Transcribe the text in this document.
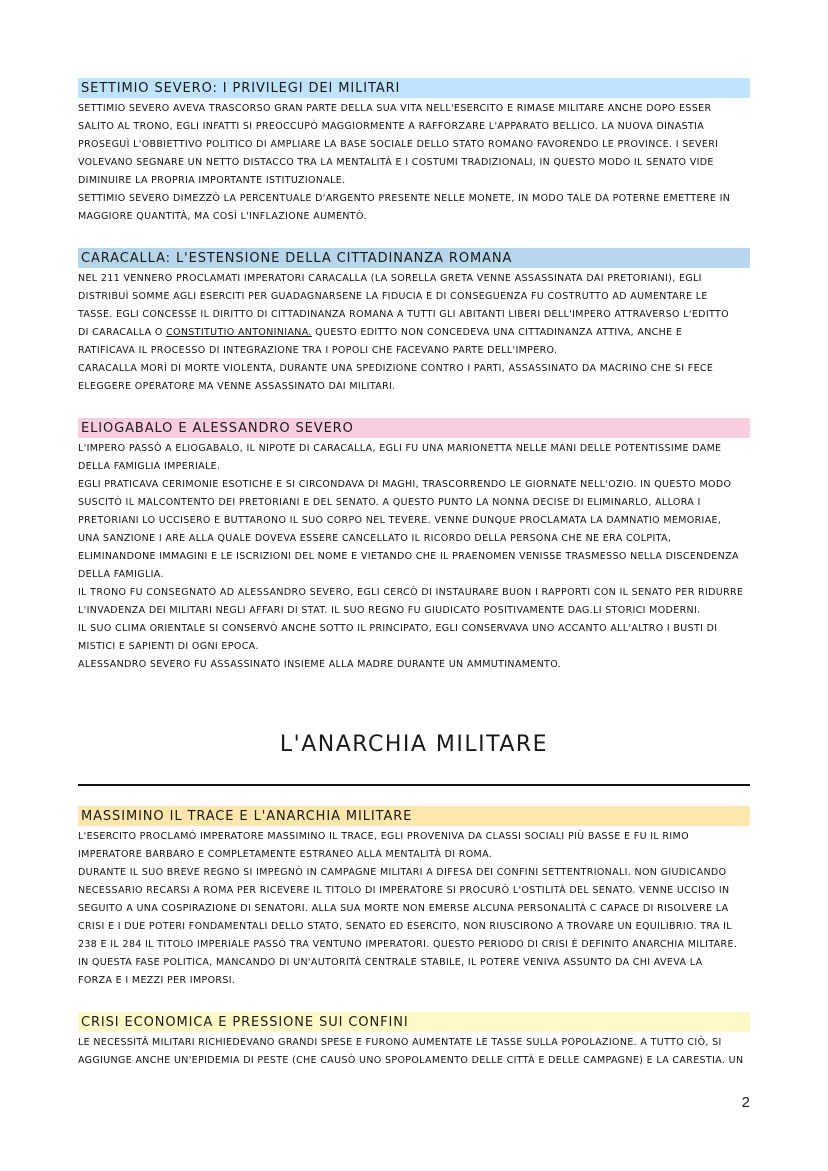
SETTIMIO SEVERO: I PRIVILEGI DEI MILITARI

SETTIMIO SEVERO AVEVA TRASCORSO GRAN PARTE DELLA SUA VITA NELL'ESERCITO E RIMASE MILITARE ANCHE DOPO ESSER

SALITO AL TRONO, EGLI INFATTI SI PREOCCUPÒ MAGGIORMENTE A RAFFORZARE L'APPARATO BELLICO. LA NUOVA DINASTIA

PROSEGUÌ L'OBBIETTIVO POLITICO DI AMPLIARE LA BASE SOCIALE DELLO STATO ROMANO FAVORENDO LE PROVINCE. I SEVERI

VOLEVANO SEGNARE UN NETTO DISTACCO TRA LA MENTALITÀ E I COSTUMI TRADIZIONALI, IN QUESTO MODO IL SENATO VIDE

DIMINUIRE LA PROPRIA IMPORTANTE ISTITUZIONALE.

SETTIMIO SEVERO DIMEZZÒ LA PERCENTUALE D'ARGENTO PRESENTE NELLE MONETE, IN MODO TALE DA POTERNE EMETTERE IN

MAGGIORE QUANTITÀ, MA COSÌ L'INFLAZIONE AUMENTÒ.

CARACALLA: L'ESTENSIONE DELLA CITTADINANZA ROMANA

NEL 211 VENNERO PROCLAMATI IMPERATORI CARACALLA (LA SORELLA GRETA VENNE ASSASSINATA DAI PRETORIANI), EGLI

DISTRIBUÌ SOMME AGLI ESERCITI PER GUADAGNARSENE LA FIDUCIA E DI CONSEGUENZA FU COSTRUTTO AD AUMENTARE LE

TASSE. EGLI CONCESSE IL DIRITTO DI CITTADINANZA ROMANA A TUTTI GLI ABITANTI LIBERI DELL'IMPERO ATTRAVERSO L'EDITTO

DI CARACALLA O CONSTITUTIO ANTONINIANA. QUESTO EDITTO NON CONCEDEVA UNA CITTADINANZA ATTIVA, ANCHE E

RATIFICAVA IL PROCESSO DI INTEGRAZIONE TRA I POPOLI CHE FACEVANO PARTE DELL'IMPERO.

CARACALLA MORÌ DI MORTE VIOLENTA, DURANTE UNA SPEDIZIONE CONTRO I PARTI, ASSASSINATO DA MACRINO CHE SI FECE

ELEGGERE OPERATORE MA VENNE ASSASSINATO DAI MILITARI.

ELIOGABALO E ALESSANDRO SEVERO

L'IMPERO PASSÒ A ELIOGABALO, IL NIPOTE DI CARACALLA, EGLI FU UNA MARIONETTA NELLE MANI DELLE POTENTISSIME DAME

DELLA FAMIGLIA IMPERIALE.

EGLI PRATICAVA CERIMONIE ESOTICHE E SI CIRCONDAVA DI MAGHI, TRASCORRENDO LE GIORNATE NELL'OZIO. IN QUESTO MODO

SUSCITÒ IL MALCONTENTO DEI PRETORIANI E DEL SENATO. A QUESTO PUNTO LA NONNA DECISE DI ELIMINARLO, ALLORA I

PRETORIANI LO UCCISERO E BUTTARONO IL SUO CORPO NEL TEVERE. VENNE DUNQUE PROCLAMATA LA DAMNATIO MEMORIAE,

UNA SANZIONE I ARE ALLA QUALE DOVEVA ESSERE CANCELLATO IL RICORDO DELLA PERSONA CHE NE ERA COLPITA,

ELIMINANDONE IMMAGINI E LE ISCRIZIONI DEL NOME E VIETANDO CHE IL PRAENOMEN VENISSE TRASMESSO NELLA DISCENDENZA

DELLA FAMIGLIA.

IL TRONO FU CONSEGNATO AD ALESSANDRO SEVERO, EGLI CERCÒ DI INSTAURARE BUON I RAPPORTI CON IL SENATO PER RIDURRE

L'INVADENZA DEI MILITARI NEGLI AFFARI DI STAT. IL SUO REGNO FU GIUDICATO POSITIVAMENTE DAG.LI STORICI MODERNI.

IL SUO CLIMA ORIENTALE SI CONSERVÒ ANCHE SOTTO IL PRINCIPATO, EGLI CONSERVAVA UNO ACCANTO ALL'ALTRO I BUSTI DI

MISTICI E SAPIENTI DI OGNI EPOCA.

ALESSANDRO SEVERO FU ASSASSINATO INSIEME ALLA MADRE DURANTE UN AMMUTINAMENTO.

L'ANARCHIA MILITARE
MASSIMINO IL TRACE E L'ANARCHIA MILITARE

L'ESERCITO PROCLAMÒ IMPERATORE MASSIMINO IL TRACE, EGLI PROVENIVA DA CLASSI SOCIALI PIÙ BASSE E FU IL RIMO

IMPERATORE BARBARO E COMPLETAMENTE ESTRANEO ALLA MENTALITÀ DI ROMA.

DURANTE IL SUO BREVE REGNO SI IMPEGNÒ IN CAMPAGNE MILITARI A DIFESA DEI CONFINI SETTENTRIONALI. NON GIUDICANDO

NECESSARIO RECARSI A ROMA PER RICEVERE IL TITOLO DI IMPERATORE SI PROCURÒ L'OSTILITÀ DEL SENATO. VENNE UCCISO IN

SEGUITO A UNA COSPIRAZIONE DI SENATORI. ALLA SUA MORTE NON EMERSE ALCUNA PERSONALITÀ C CAPACE DI RISOLVERE LA

CRISI E I DUE POTERI FONDAMENTALI DELLO STATO, SENATO ED ESERCITO, NON RIUSCIRONO A TROVARE UN EQUILIBRIO. TRA IL

238 E IL 284 IL TITOLO IMPERIALE PASSÒ TRA VENTUNO IMPERATORI. QUESTO PERIODO DI CRISI È DEFINITO ANARCHIA MILITARE.

IN QUESTA FASE POLITICA, MANCANDO DI UN'AUTORITÀ CENTRALE STABILE, IL POTERE VENIVA ASSUNTO DA CHI AVEVA LA

FORZA E I MEZZI PER IMPORSI.

CRISI ECONOMICA E PRESSIONE SUI CONFINI

LE NECESSITÀ MILITARI RICHIEDEVANO GRANDI SPESE E FURONO AUMENTATE LE TASSE SULLA POPOLAZIONE. A TUTTO CIÒ, SI

AGGIUNGE ANCHE UN'EPIDEMIA DI PESTE (CHE CAUSÒ UNO SPOPOLAMENTO DELLE CITTÀ E DELLE CAMPAGNE) E LA CARESTIA. UN

2
